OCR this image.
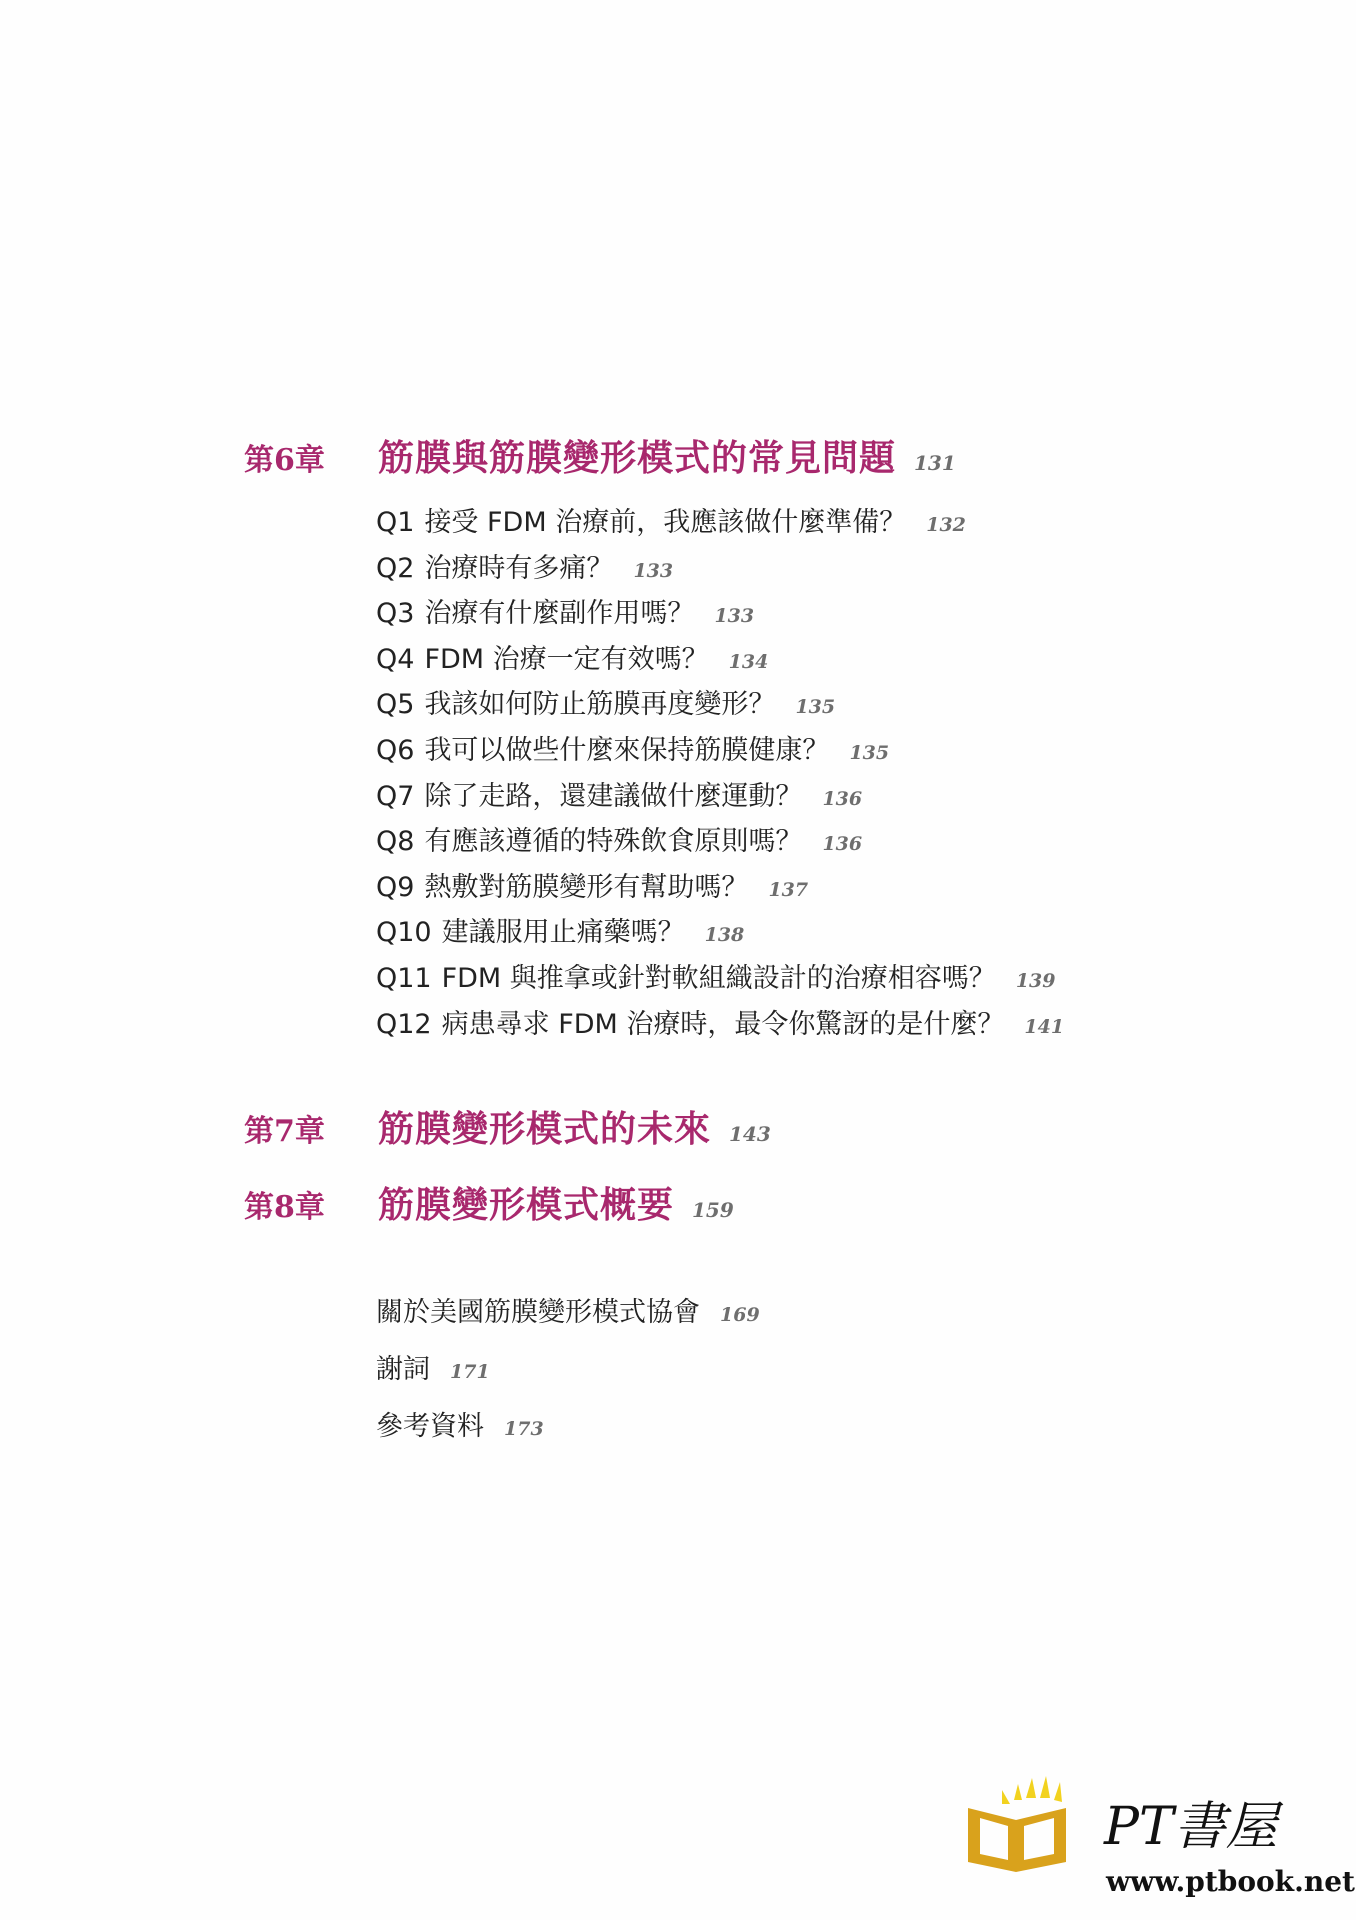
第6章	筋膜與筋膜變形模式的常見問題 131
Q1 接受 FDM 治療前，我應該做什麼準備？ 132
Q2 治療時有多痛？ 133
Q3 治療有什麼副作用嗎？ 133
Q4 FDM 治療一定有效嗎？ 134
Q5 我該如何防止筋膜再度變形？ 135
Q6 我可以做些什麼來保持筋膜健康？ 135
Q7 除了走路，還建議做什麼運動？ 136
Q8 有應該遵循的特殊飲食原則嗎？ 136
Q9 熱敷對筋膜變形有幫助嗎？ 137
Q10 建議服用止痛藥嗎？ 138
Q11 FDM 與推拿或針對軟組織設計的治療相容嗎？ 139
Q12 病患尋求 FDM 治療時，最令你驚訝的是什麼？ 141
第7章	筋膜變形模式的未來 143
第8章	筋膜變形模式概要 159
關於美國筋膜變形模式協會 169
謝詞 171
參考資料 173
PT書屋
www.ptbook.net
